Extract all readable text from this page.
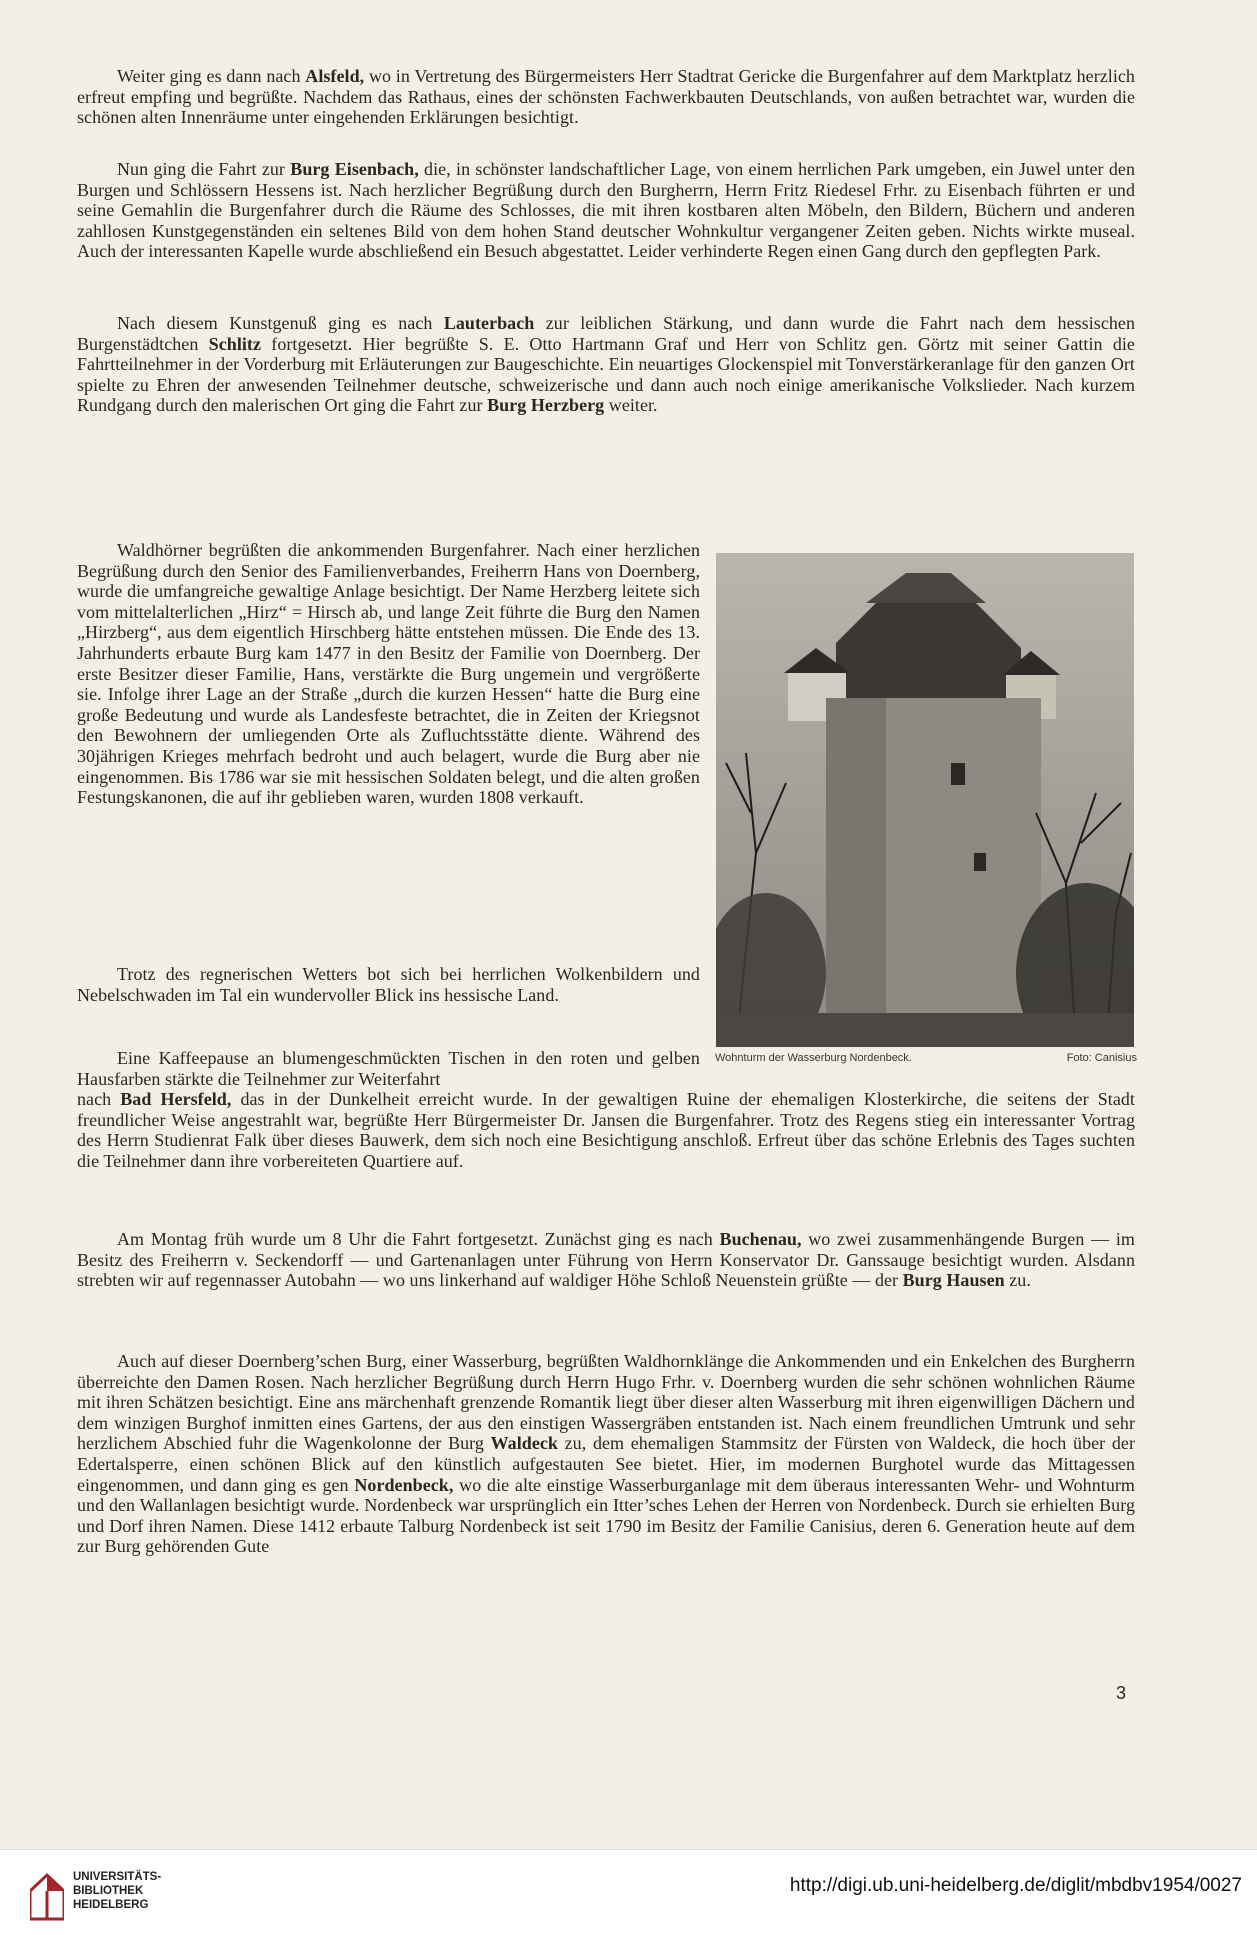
Weiter ging es dann nach Alsfeld, wo in Vertretung des Bürgermeisters Herr Stadtrat Gericke die Burgenfahrer auf dem Marktplatz herzlich erfreut empfing und begrüßte. Nachdem das Rathaus, eines der schönsten Fachwerkbauten Deutschlands, von außen betrachtet war, wurden die schönen alten Innenräume unter eingehenden Erklärungen besichtigt.

Nun ging die Fahrt zur Burg Eisenbach, die, in schönster landschaftlicher Lage, von einem herrlichen Park umgeben, ein Juwel unter den Burgen und Schlössern Hessens ist. Nach herzlicher Begrüßung durch den Burgherrn, Herrn Fritz Riedesel Frhr. zu Eisenbach führten er und seine Gemahlin die Burgenfahrer durch die Räume des Schlosses, die mit ihren kostbaren alten Möbeln, den Bildern, Büchern und anderen zahllosen Kunstgegenständen ein seltenes Bild von dem hohen Stand deutscher Wohnkultur vergangener Zeiten geben. Nichts wirkte museal. Auch der interessanten Kapelle wurde abschließend ein Besuch abgestattet. Leider verhinderte Regen einen Gang durch den gepflegten Park.

Nach diesem Kunstgenuß ging es nach Lauterbach zur leiblichen Stärkung, und dann wurde die Fahrt nach dem hessischen Burgenstädtchen Schlitz fortgesetzt. Hier begrüßte S. E. Otto Hartmann Graf und Herr von Schlitz gen. Görtz mit seiner Gattin die Fahrtteilnehmer in der Vorderburg mit Erläuterungen zur Baugeschichte. Ein neuartiges Glockenspiel mit Tonverstärkeranlage für den ganzen Ort spielte zu Ehren der anwesenden Teilnehmer deutsche, schweizerische und dann auch noch einige amerikanische Volkslieder. Nach kurzem Rundgang durch den malerischen Ort ging die Fahrt zur Burg Herzberg weiter.

Waldhörner begrüßten die ankommenden Burgenfahrer. Nach einer herzlichen Begrüßung durch den Senior des Familienverbandes, Freiherrn Hans von Doernberg, wurde die umfangreiche gewaltige Anlage besichtigt. Der Name Herzberg leitete sich vom mittelalterlichen „Hirz“ = Hirsch ab, und lange Zeit führte die Burg den Namen „Hirzberg“, aus dem eigentlich Hirschberg hätte entstehen müssen. Die Ende des 13. Jahrhunderts erbaute Burg kam 1477 in den Besitz der Familie von Doernberg. Der erste Besitzer dieser Familie, Hans, verstärkte die Burg ungemein und vergrößerte sie. Infolge ihrer Lage an der Straße „durch die kurzen Hessen“ hatte die Burg eine große Bedeutung und wurde als Landesfeste betrachtet, die in Zeiten der Kriegsnot den Bewohnern der umliegenden Orte als Zufluchtsstätte diente. Während des 30jährigen Krieges mehrfach bedroht und auch belagert, wurde die Burg aber nie eingenommen. Bis 1786 war sie mit hessischen Soldaten belegt, und die alten großen Festungskanonen, die auf ihr geblieben waren, wurden 1808 verkauft.

Trotz des regnerischen Wetters bot sich bei herrlichen Wolkenbildern und Nebelschwaden im Tal ein wundervoller Blick ins hessische Land.

Eine Kaffeepause an blumengeschmückten Tischen in den roten und gelben Hausfarben stärkte die Teilnehmer zur Weiterfahrt

nach Bad Hersfeld, das in der Dunkelheit erreicht wurde. In der gewaltigen Ruine der ehemaligen Klosterkirche, die seitens der Stadt freundlicher Weise angestrahlt war, begrüßte Herr Bürgermeister Dr. Jansen die Burgenfahrer. Trotz des Regens stieg ein interessanter Vortrag des Herrn Studienrat Falk über dieses Bauwerk, dem sich noch eine Besichtigung anschloß. Erfreut über das schöne Erlebnis des Tages suchten die Teilnehmer dann ihre vorbereiteten Quartiere auf.

Am Montag früh wurde um 8 Uhr die Fahrt fortgesetzt. Zunächst ging es nach Buchenau, wo zwei zusammenhängende Burgen — im Besitz des Freiherrn v. Seckendorff — und Gartenanlagen unter Führung von Herrn Konservator Dr. Ganssauge besichtigt wurden. Alsdann strebten wir auf regennasser Autobahn — wo uns linkerhand auf waldiger Höhe Schloß Neuenstein grüßte — der Burg Hausen zu.

Auch auf dieser Doernberg’schen Burg, einer Wasserburg, begrüßten Waldhornklänge die Ankommenden und ein Enkelchen des Burgherrn überreichte den Damen Rosen. Nach herzlicher Begrüßung durch Herrn Hugo Frhr. v. Doernberg wurden die sehr schönen wohnlichen Räume mit ihren Schätzen besichtigt. Eine ans märchenhaft grenzende Romantik liegt über dieser alten Wasserburg mit ihren eigenwilligen Dächern und dem winzigen Burghof inmitten eines Gartens, der aus den einstigen Wassergräben entstanden ist. Nach einem freundlichen Umtrunk und sehr herzlichem Abschied fuhr die Wagenkolonne der Burg Waldeck zu, dem ehemaligen Stammsitz der Fürsten von Waldeck, die hoch über der Edertalsperre, einen schönen Blick auf den künstlich aufgestauten See bietet. Hier, im modernen Burghotel wurde das Mittagessen eingenommen, und dann ging es gen Nordenbeck, wo die alte einstige Wasserburganlage mit dem überaus interessanten Wehr- und Wohnturm und den Wallanlagen besichtigt wurde. Nordenbeck war ursprünglich ein Itter’sches Lehen der Herren von Nordenbeck. Durch sie erhielten Burg und Dorf ihren Namen. Diese 1412 erbaute Talburg Nordenbeck ist seit 1790 im Besitz der Familie Canisius, deren 6. Generation heute auf dem zur Burg gehörenden Gute

Wohnturm der Wasserburg Nordenbeck.	Foto: Canisius
3
UNIVERSITÄTS-
BIBLIOTHEK
HEIDELBERG
http://digi.ub.uni-heidelberg.de/diglit/mbdbv1954/0027
